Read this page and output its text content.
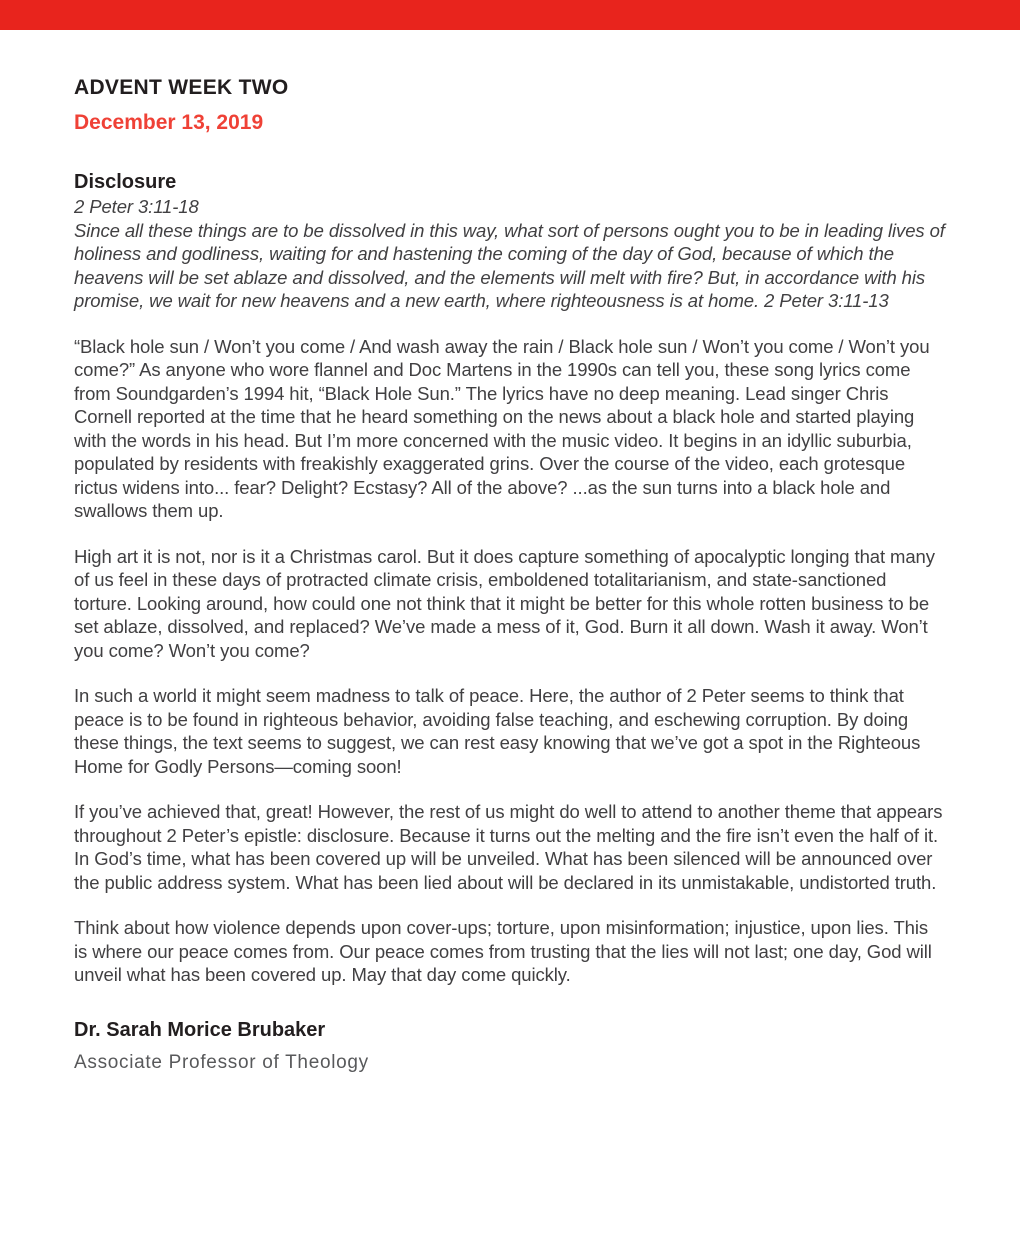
ADVENT WEEK TWO
December 13, 2019
Disclosure
2 Peter 3:11-18
Since all these things are to be dissolved in this way, what sort of persons ought you to be in leading lives of holiness and godliness, waiting for and hastening the coming of the day of God, because of which the heavens will be set ablaze and dissolved, and the elements will melt with fire? But, in accordance with his promise, we wait for new heavens and a new earth, where righteousness is at home. 2 Peter 3:11-13

“Black hole sun / Won’t you come / And wash away the rain / Black hole sun / Won’t you come / Won’t you come?” As anyone who wore flannel and Doc Martens in the 1990s can tell you, these song lyrics come from Soundgarden’s 1994 hit, “Black Hole Sun.” The lyrics have no deep meaning. Lead singer Chris Cornell reported at the time that he heard something on the news about a black hole and started playing with the words in his head. But I’m more concerned with the music video. It begins in an idyllic suburbia, populated by residents with freakishly exaggerated grins. Over the course of the video, each grotesque rictus widens into... fear? Delight? Ecstasy? All of the above? ...as the sun turns into a black hole and swallows them up.

High art it is not, nor is it a Christmas carol. But it does capture something of apocalyptic longing that many of us feel in these days of protracted climate crisis, emboldened totalitarianism, and state-sanctioned torture. Looking around, how could one not think that it might be better for this whole rotten business to be set ablaze, dissolved, and replaced? We’ve made a mess of it, God. Burn it all down. Wash it away. Won’t you come? Won’t you come?

In such a world it might seem madness to talk of peace. Here, the author of 2 Peter seems to think that peace is to be found in righteous behavior, avoiding false teaching, and eschewing corruption. By doing these things, the text seems to suggest, we can rest easy knowing that we’ve got a spot in the Righteous Home for Godly Persons—coming soon!

If you’ve achieved that, great! However, the rest of us might do well to attend to another theme that appears throughout 2 Peter’s epistle: disclosure. Because it turns out the melting and the fire isn’t even the half of it. In God’s time, what has been covered up will be unveiled. What has been silenced will be announced over the public address system. What has been lied about will be declared in its unmistakable, undistorted truth.

Think about how violence depends upon cover-ups; torture, upon misinformation; injustice, upon lies. This is where our peace comes from. Our peace comes from trusting that the lies will not last; one day, God will unveil what has been covered up. May that day come quickly.

Dr. Sarah Morice Brubaker
Associate Professor of Theology
